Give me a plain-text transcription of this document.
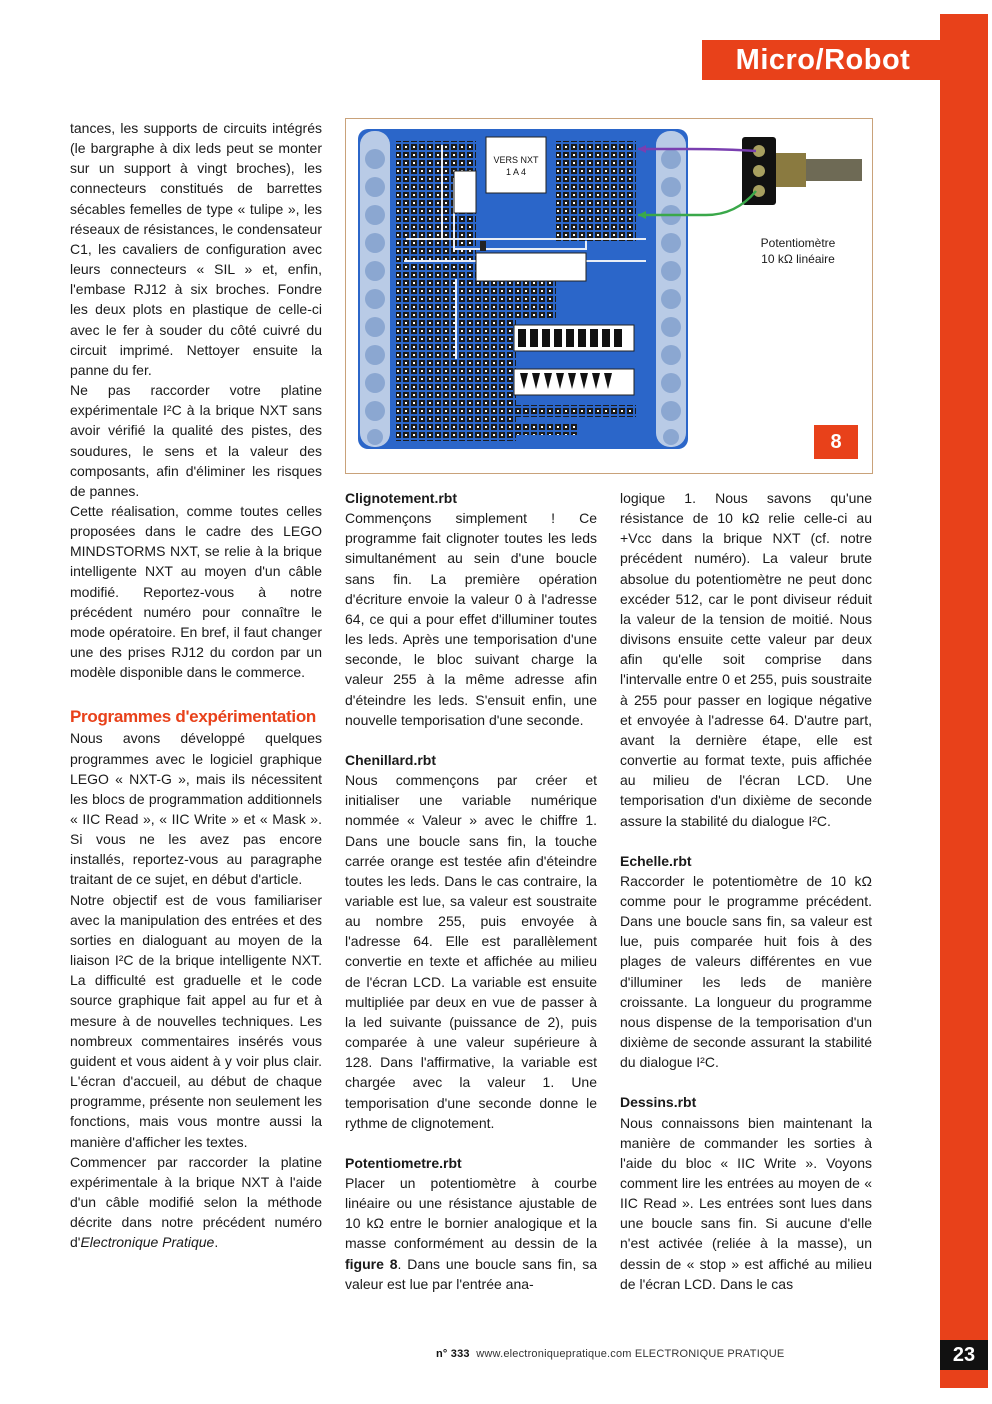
Micro/Robot
VERS NXT
1 A 4
Potentiomètre
10 kΩ linéaire
8

tances, les supports de circuits intégrés (le bargraphe à dix leds peut se monter sur un support à vingt broches), les connecteurs constitués de barrettes sécables femelles de type « tulipe », les réseaux de résistances, le condensateur C1, les cavaliers de configuration avec leurs connecteurs « SIL » et, enfin, l'embase RJ12 à six broches. Fondre les deux plots en plastique de celle-ci avec le fer à souder du côté cuivré du circuit imprimé. Nettoyer ensuite la panne du fer.

Ne pas raccorder votre platine expérimentale I²C à la brique NXT sans avoir vérifié la qualité des pistes, des soudures, le sens et la valeur des composants, afin d'éliminer les risques de pannes.

Cette réalisation, comme toutes celles proposées dans le cadre des LEGO MINDSTORMS NXT, se relie à la brique intelligente NXT au moyen d'un câble modifié. Reportez-vous à notre précédent numéro pour connaître le mode opératoire. En bref, il faut changer une des prises RJ12 du cordon par un modèle disponible dans le commerce.

Programmes d'expérimentation

Nous avons développé quelques programmes avec le logiciel graphique LEGO « NXT-G », mais ils nécessitent les blocs de programmation additionnels « IIC Read », « IIC Write » et « Mask ». Si vous ne les avez pas encore installés, reportez-vous au paragraphe traitant de ce sujet, en début d'article.

Notre objectif est de vous familiariser avec la manipulation des entrées et des sorties en dialoguant au moyen de la liaison I²C de la brique intelligente NXT. La difficulté est graduelle et le code source graphique fait appel au fur et à mesure à de nouvelles techniques. Les nombreux commentaires insérés vous guident et vous aident à y voir plus clair. L'écran d'accueil, au début de chaque programme, présente non seulement les fonctions, mais vous montre aussi la manière d'afficher les textes.

Commencer par raccorder la platine expérimentale à la brique NXT à l'aide d'un câble modifié selon la méthode décrite dans notre précédent numéro d'Electronique Pratique.

Clignotement.rbt

Commençons simplement ! Ce programme fait clignoter toutes les leds simultanément au sein d'une boucle sans fin. La première opération d'écriture envoie la valeur 0 à l'adresse 64, ce qui a pour effet d'illuminer toutes les leds. Après une temporisation d'une seconde, le bloc suivant charge la valeur 255 à la même adresse afin d'éteindre les leds. S'ensuit enfin, une nouvelle temporisation d'une seconde.

Chenillard.rbt

Nous commençons par créer et initialiser une variable numérique nommée « Valeur » avec le chiffre 1. Dans une boucle sans fin, la touche carrée orange est testée afin d'éteindre toutes les leds. Dans le cas contraire, la variable est lue, sa valeur est soustraite au nombre 255, puis envoyée à l'adresse 64. Elle est parallèlement convertie en texte et affichée au milieu de l'écran LCD. La variable est ensuite multipliée par deux en vue de passer à la led suivante (puissance de 2), puis comparée à une valeur supérieure à 128. Dans l'affirmative, la variable est chargée avec la valeur 1. Une temporisation d'une seconde donne le rythme de clignotement.

Potentiometre.rbt

Placer un potentiomètre à courbe linéaire ou une résistance ajustable de 10 kΩ entre le bornier analogique et la masse conformément au dessin de la figure 8. Dans une boucle sans fin, sa valeur est lue par l'entrée ana-

logique 1. Nous savons qu'une résistance de 10 kΩ relie celle-ci au +Vcc dans la brique NXT (cf. notre précédent numéro). La valeur brute absolue du potentiomètre ne peut donc excéder 512, car le pont diviseur réduit la valeur de la tension de moitié. Nous divisons ensuite cette valeur par deux afin qu'elle soit comprise dans l'intervalle entre 0 et 255, puis soustraite à 255 pour passer en logique négative et envoyée à l'adresse 64. D'autre part, avant la dernière étape, elle est convertie au format texte, puis affichée au milieu de l'écran LCD. Une temporisation d'un dixième de seconde assure la stabilité du dialogue I²C.

Echelle.rbt

Raccorder le potentiomètre de 10 kΩ comme pour le programme précédent. Dans une boucle sans fin, sa valeur est lue, puis comparée huit fois à des plages de valeurs différentes en vue d'illuminer les leds de manière croissante. La longueur du programme nous dispense de la temporisation d'un dixième de seconde assurant la stabilité du dialogue I²C.

Dessins.rbt

Nous connaissons bien maintenant la manière de commander les sorties à l'aide du bloc « IIC Write ». Voyons comment lire les entrées au moyen de « IIC Read ». Les entrées sont lues dans une boucle sans fin. Si aucune d'elle n'est activée (reliée à la masse), un dessin de « stop » est affiché au milieu de l'écran LCD. Dans le cas

n° 333 www.electroniquepratique.com ELECTRONIQUE PRATIQUE	23
